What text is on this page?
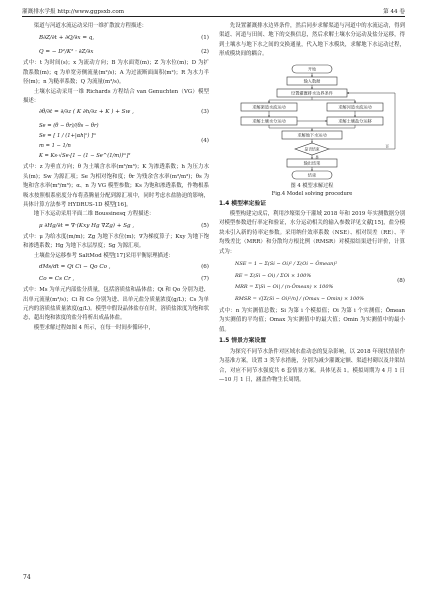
灌溉排水学报 http://www.ggpsxb.com	第 44 卷

渠道与河道水流运动采用一维扩散波方程描述：

B∂Z/∂t + ∂Q/∂x = q,
Q = − D²/K² · ∂Z/∂x
(1)
(2)

式中：t 为时间(s)；x 为流动方向；B 为水面宽(m)；Z 为水位(m)；D 为扩散系数(m)；q 为单宽旁侧流量(m²/s)；A 为过流断面面积(m²)；R 为水力半径(m)；n 为糙率系数；Q 为流量(m³/s)。

土壤水运动采用一维 Richards 方程结合 van Genuchten（VG）模型描述：

∂θ/∂t = ∂/∂z ( K ∂h/∂z + K ) + Sw ,	(3)
Se = (θ − θr)/(θs − θr)
Se = [ 1 / (1+|αh|ⁿ) ]ᵐ
m = 1 − 1/n
K = Ks·√Se·[1 − (1 − Se^(1/m))ᵐ]²
(4)

式中：z 为垂直方向；θ 为土壤含水率(m³/m³)；K 为渗透系数；h 为压力水头(m)；Sw 为源汇项；Se 为相对饱和度；θr 为残余含水率(m³/m³)；θs 为饱和含水率(m³/m³)；α、n 为 VG 模型参数；Ks 为饱和渗透系数，作物根系吸水按照根系密度分布将蒸腾量分配到源汇项中，同时考虑水盐胁迫的影响，具体计算方法参考 HYDRUS-1D 模型[16]。

地下水运动采用平面二维 Boussinesq 方程描述：

μ ∂Hg/∂t = ∇·(Kxy Hg ∇Zg) + Sg ,	(5)

式中：μ 为给水度(m/m)；Zg 为地下水位(m)；∇为梯度算子；Kxy 为地下饱和渗透系数；Hg 为地下水层厚度；Sg 为源汇项。

土壤盐分运移参考 SaltMod 模型[17]采用平衡原理描述：

dMs/dt = Qi Ci − Qo Co ,	(6)
Co = Cs Cr ,	(7)

式中：Ms 为单元内部盐分质量，包括溶质盐和晶体盐；Qi 和 Qo 分别为进、出单元流量(m³/s)；Ci 和 Co 分别为进、出单元盐分质量浓度(g/L)；Cs 为单元内的溶质盐质量浓度(g/L)。模型中假设晶体盐存在时，溶质盐浓度为饱和状态，超出饱和浓度的盐分将析出成晶体盐。

模型求解过程如图 4 所示，在每一时间步循环中，

先设置灌溉排水边界条件，然后同步求解渠道与河道中的水流运动，得到渠道、河道与田间、地下的交换信息，然后求解土壤水分运动及盐分运移，得到土壤水与地下水之间的交换通量，代入地下水模块，求解地下水运动过程，形成模块间的耦合。

开始
输入数据
设置灌溉排水边界条件
求解渠道水流运动	求解河道水流运动
求解土壤水分运动	求解土壤盐分运移
求解地下水运动
是否结束
输出结果
结束
是
否
图 4 模型求解过程
Fig.4 Model solving procedure
1.4 模型率定验证

模型构建完成后，利用沙壕渠分干灌域 2018 年和 2019 年实测数据分别对模型参数进行率定和验证，水分运动相关的输入参数详见文献[15]，盐分模块未引入新的待率定参数。采用纳什效率系数（NSE）、相对误差（RE）、平均残差比（MRR）和分散均方根比例（RMSR）对模拟结果进行评价，计算式为：

NSE = 1 − Σ(Si − Oi)² / Σ(Oi − Ōmean)²
RE = Σ(Si − Oi) / ΣOi × 100%
MRR = Σ|Si − Oi| / (n·Ōmean) × 100%
RMSR = √[Σ(Si − Oi)²/n] / (Omax − Omin) × 100%
(8)

式中：n 为实测值总数；Si 为第 i 个模拟值；Oi 为第 i 个实测值；Ōmean 为实测值的平均值；Omax 为实测值中的最大值；Omin 为实测值中的最小值。

1.5 情景方案设置

为探究不同节水条件对区域水盐动态的复杂影响，以 2018 年现状情景作为基准方案，设置 3 类节水措施，分别为减少灌溉定额、渠道衬砌以及井渠结合，对应不同节水强度共 6 套情景方案。具体见表 1。模拟周期为 4 月 1 日—10 月 1 日，涵盖作物生长周期。

74
